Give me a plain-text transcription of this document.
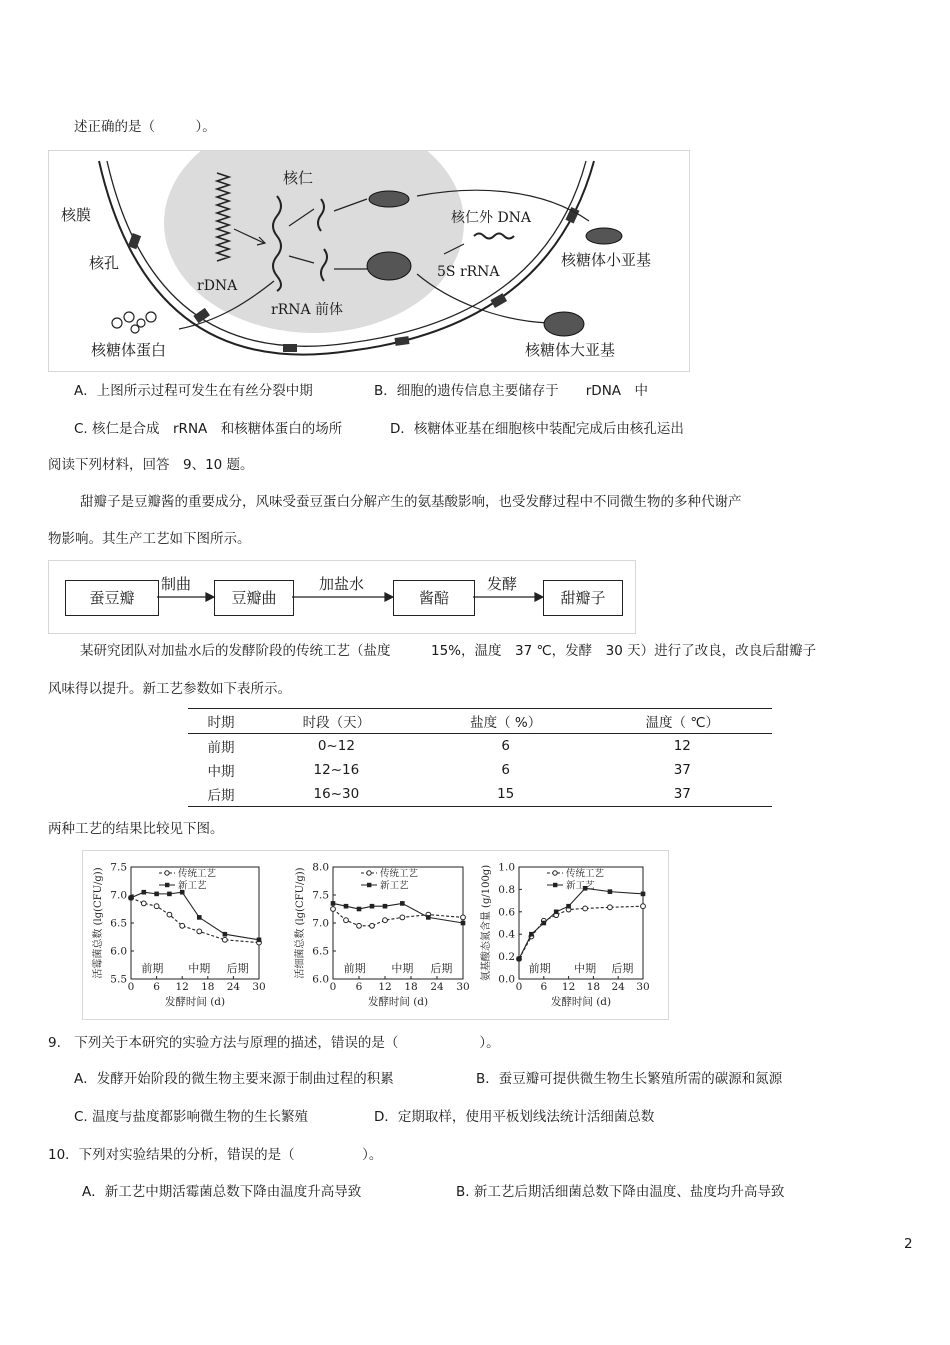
述正确的是（　　　）。
核膜
核孔
核仁
rDNA
rRNA 前体
核仁外 DNA
5S rRNA
核糖体小亚基
核糖体大亚基
核糖体蛋白
A．上图所示过程可发生在有丝分裂中期	B．细胞的遗传信息主要储存于　　rDNA　中
C. 核仁是合成　rRNA　和核糖体蛋白的场所	D．核糖体亚基在细胞核中装配完成后由核孔运出
阅读下列材料，回答　9、10 题。
甜瓣子是豆瓣酱的重要成分，风味受蚕豆蛋白分解产生的氨基酸影响，也受发酵过程中不同微生物的多种代谢产
物影响。其生产工艺如下图所示。
蚕豆瓣	豆瓣曲	酱醅	甜瓣子
制曲	加盐水	发酵
某研究团队对加盐水后的发酵阶段的传统工艺（盐度　　　15%，温度　37 ℃，发酵　30 天）进行了改良，改良后甜瓣子
风味得以提升。新工艺参数如下表所示。
时期	时段（天）	盐度（ %）	温度（ ℃）
前期	0~12	6	12
中期	12~16	6	37
后期	16~30	15	37
两种工艺的结果比较见下图。
5.5
6.0
6.5
7.0
7.5
0 6 12 18 24 30
前期 中期 后期
发酵时间 (d)
活霉菌总数 (lg(CFU/g))	传统工艺
新工艺
6.0
6.5
7.0
7.5
8.0
0 6 12 18 24 30
前期 中期 后期
发酵时间 (d)
活细菌总数 (lg(CFU/g))	传统工艺
新工艺
0.0
0.2
0.4
0.6
0.8
1.0
0 6 12 18 24 30
前期 中期 后期
发酵时间 (d)
氨基酸态氮含量 (g/100g)	传统工艺
新工艺
9.　下列关于本研究的实验方法与原理的描述，错误的是（　　　　　　）。
A．发酵开始阶段的微生物主要来源于制曲过程的积累	B．蚕豆瓣可提供微生物生长繁殖所需的碳源和氮源
C. 温度与盐度都影响微生物的生长繁殖	D．定期取样，使用平板划线法统计活细菌总数
10．下列对实验结果的分析，错误的是（　　　　　）。
A．新工艺中期活霉菌总数下降由温度升高导致	B. 新工艺后期活细菌总数下降由温度、盐度均升高导致
2
